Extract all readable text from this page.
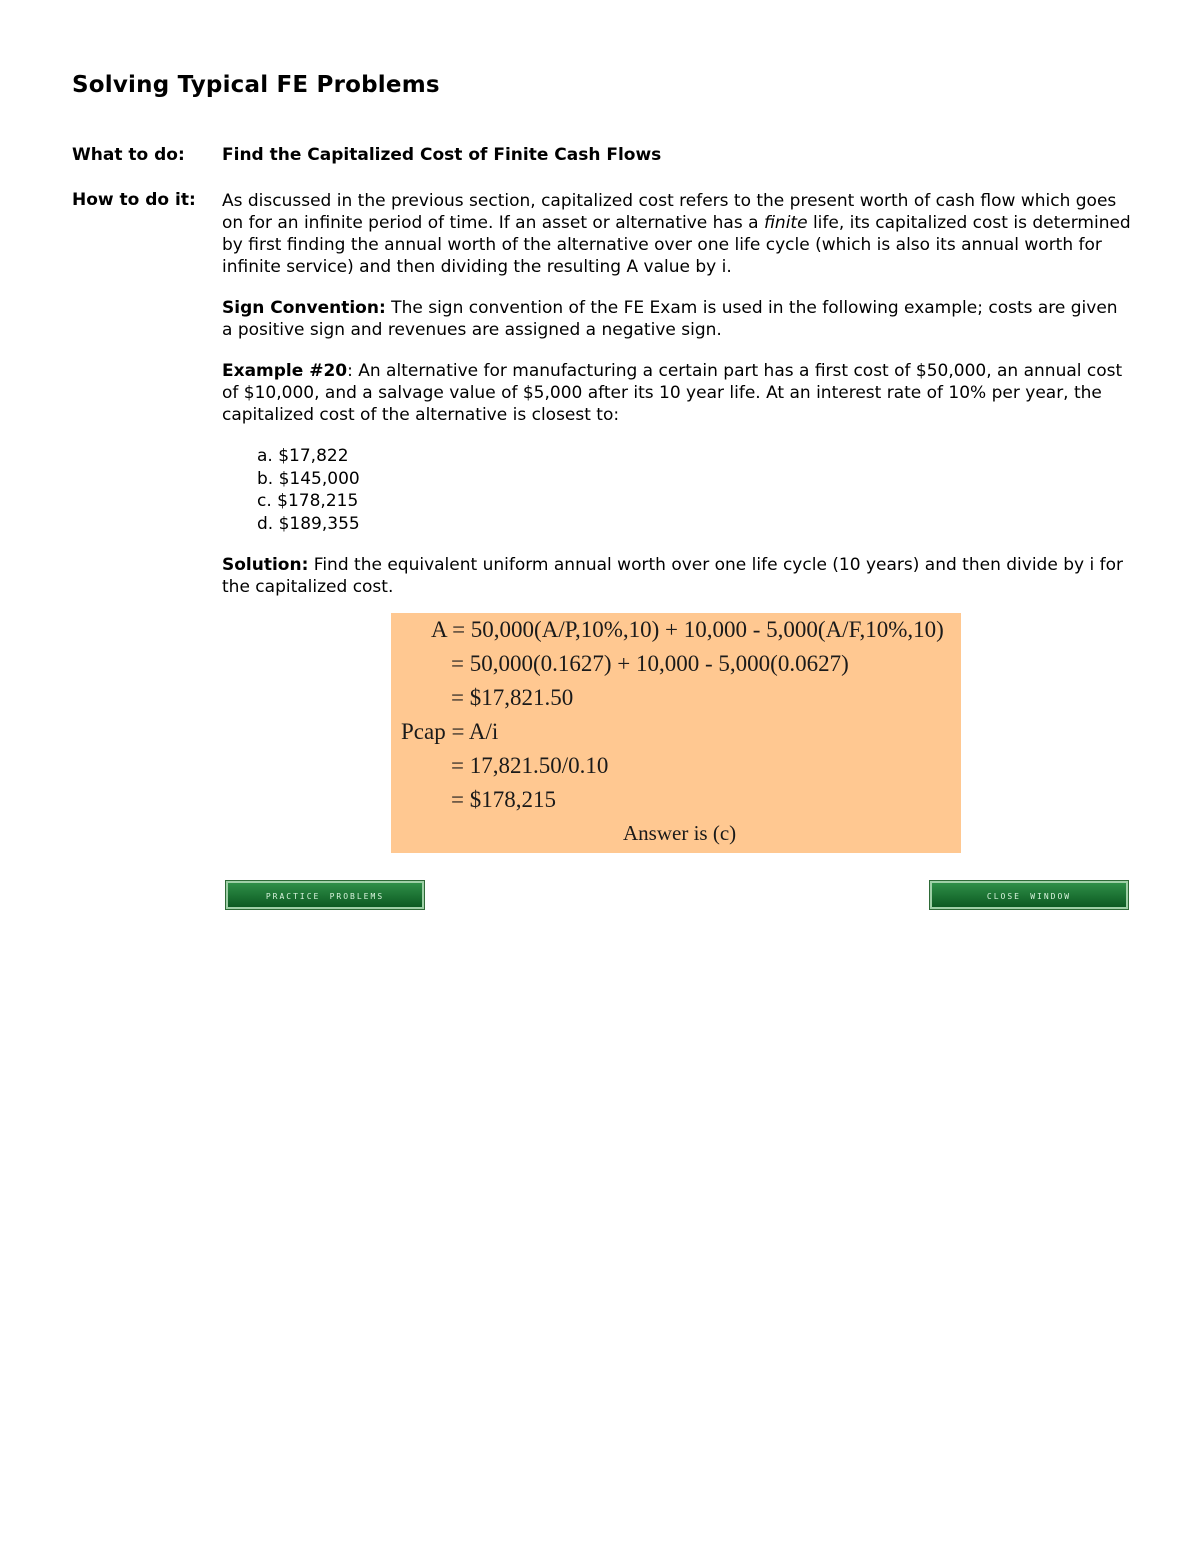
Solving Typical FE Problems
What to do: Find the Capitalized Cost of Finite Cash Flows
How to do it: As discussed in the previous section, capitalized cost refers to the present worth of cash flow which goes on for an infinite period of time. If an asset or alternative has a finite life, its capitalized cost is determined by first finding the annual worth of the alternative over one life cycle (which is also its annual worth for infinite service) and then dividing the resulting A value by i.

Sign Convention: The sign convention of the FE Exam is used in the following example; costs are given a positive sign and revenues are assigned a negative sign.

Example #20: An alternative for manufacturing a certain part has a first cost of $50,000, an annual cost of $10,000, and a salvage value of $5,000 after its 10 year life. At an interest rate of 10% per year, the capitalized cost of the alternative is closest to:

a. $17,822
b. $145,000
c. $178,215
d. $189,355

Solution: Find the equivalent uniform annual worth over one life cycle (10 years) and then divide by i for the capitalized cost.

A = 50,000(A/P,10%,10) + 10,000 - 5,000(A/F,10%,10)
= 50,000(0.1627) + 10,000 - 5,000(0.0627)
= $17,821.50
Pcap = A/i
= 17,821.50/0.10
= $178,215
Answer is (c)
practice problems	close window
